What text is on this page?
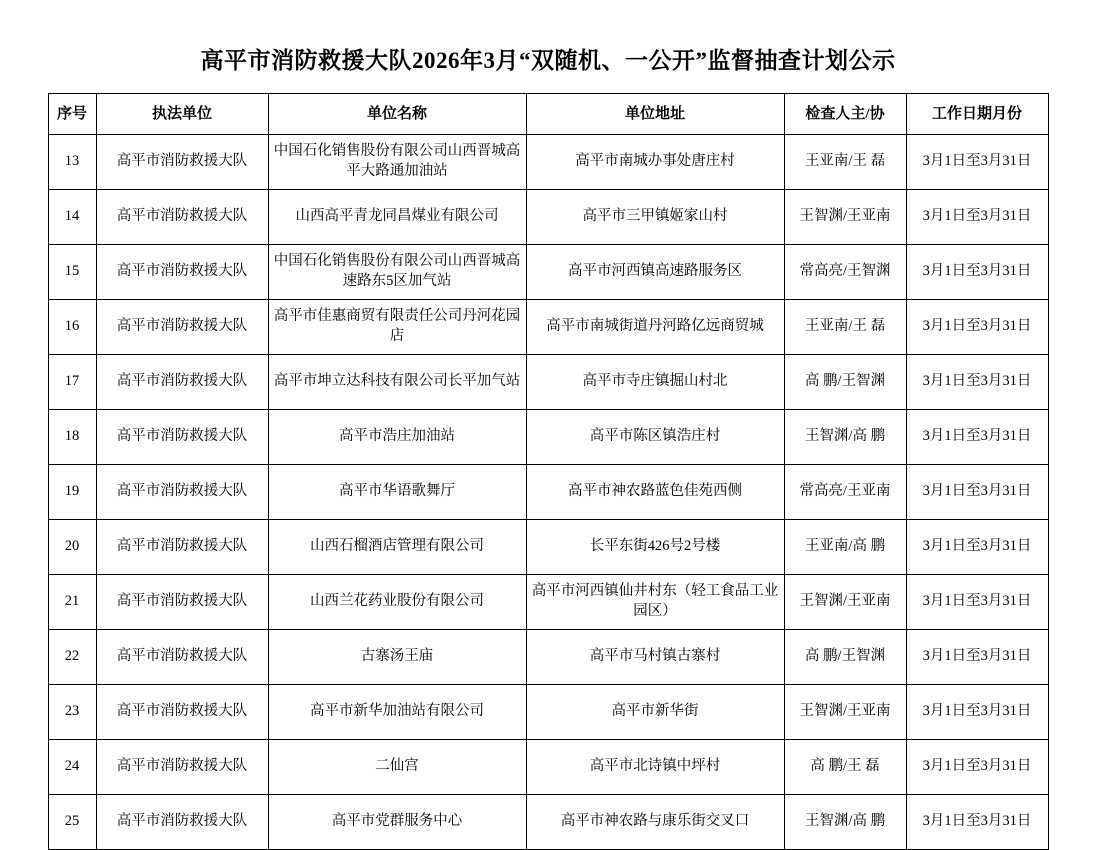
高平市消防救援大队2026年3月“双随机、一公开”监督抽查计划公示
序号	执法单位	单位名称	单位地址	检查人主/协	工作日期月份

13	高平市消防救援大队	中国石化销售股份有限公司山西晋城高平大路通加油站	高平市南城办事处唐庄村	王亚南/王 磊	3月1日至3月31日

14	高平市消防救援大队	山西高平青龙同昌煤业有限公司	高平市三甲镇姬家山村	王智渊/王亚南	3月1日至3月31日

15	高平市消防救援大队	中国石化销售股份有限公司山西晋城高速路东5区加气站	高平市河西镇高速路服务区	常高亮/王智渊	3月1日至3月31日

16	高平市消防救援大队	高平市佳惠商贸有限责任公司丹河花园店	高平市南城街道丹河路亿远商贸城	王亚南/王 磊	3月1日至3月31日

17	高平市消防救援大队	高平市坤立达科技有限公司长平加气站	高平市寺庄镇掘山村北	高 鹏/王智渊	3月1日至3月31日

18	高平市消防救援大队	高平市浩庄加油站	高平市陈区镇浩庄村	王智渊/高 鹏	3月1日至3月31日

19	高平市消防救援大队	高平市华语歌舞厅	高平市神农路蓝色佳苑西侧	常高亮/王亚南	3月1日至3月31日

20	高平市消防救援大队	山西石榴酒店管理有限公司	长平东街426号2号楼	王亚南/高 鹏	3月1日至3月31日

21	高平市消防救援大队	山西兰花药业股份有限公司	高平市河西镇仙井村东（轻工食品工业园区）	王智渊/王亚南	3月1日至3月31日

22	高平市消防救援大队	古寨汤王庙	高平市马村镇古寨村	高 鹏/王智渊	3月1日至3月31日

23	高平市消防救援大队	高平市新华加油站有限公司	高平市新华街	王智渊/王亚南	3月1日至3月31日

24	高平市消防救援大队	二仙宫	高平市北诗镇中坪村	高 鹏/王 磊	3月1日至3月31日

25	高平市消防救援大队	高平市党群服务中心	高平市神农路与康乐街交叉口	王智渊/高 鹏	3月1日至3月31日
